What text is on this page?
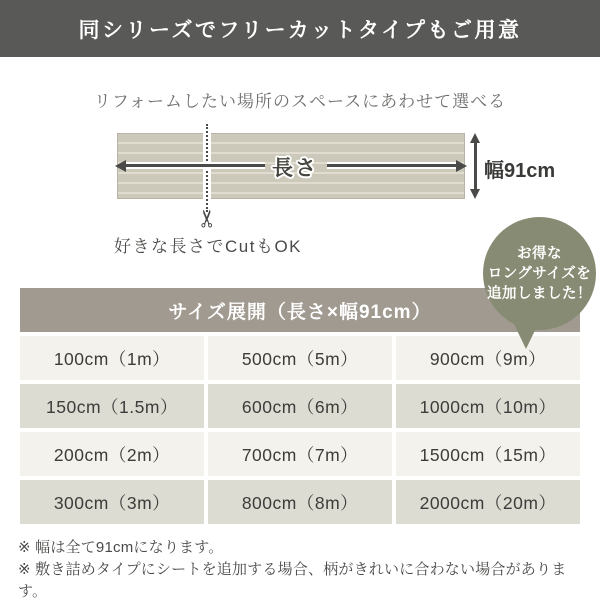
同シリーズでフリーカットタイプもご用意
リフォームしたい場所のスペースにあわせて選べる
長さ	幅91cm
✂
好きな長さでCutもOK	お得な
ロングサイズを
追加しました！
サイズ展開（長さ×幅91cm）
100cm（1m）	500cm（5m）	900cm（9m）
150cm（1.5m）	600cm（6m）	1000cm（10m）
200cm（2m）	700cm（7m）	1500cm（15m）
300cm（3m）	800cm（8m）	2000cm（20m）
※ 幅は全て91cmになります。
※ 敷き詰めタイプにシートを追加する場合、柄がきれいに合わない場合があります。
